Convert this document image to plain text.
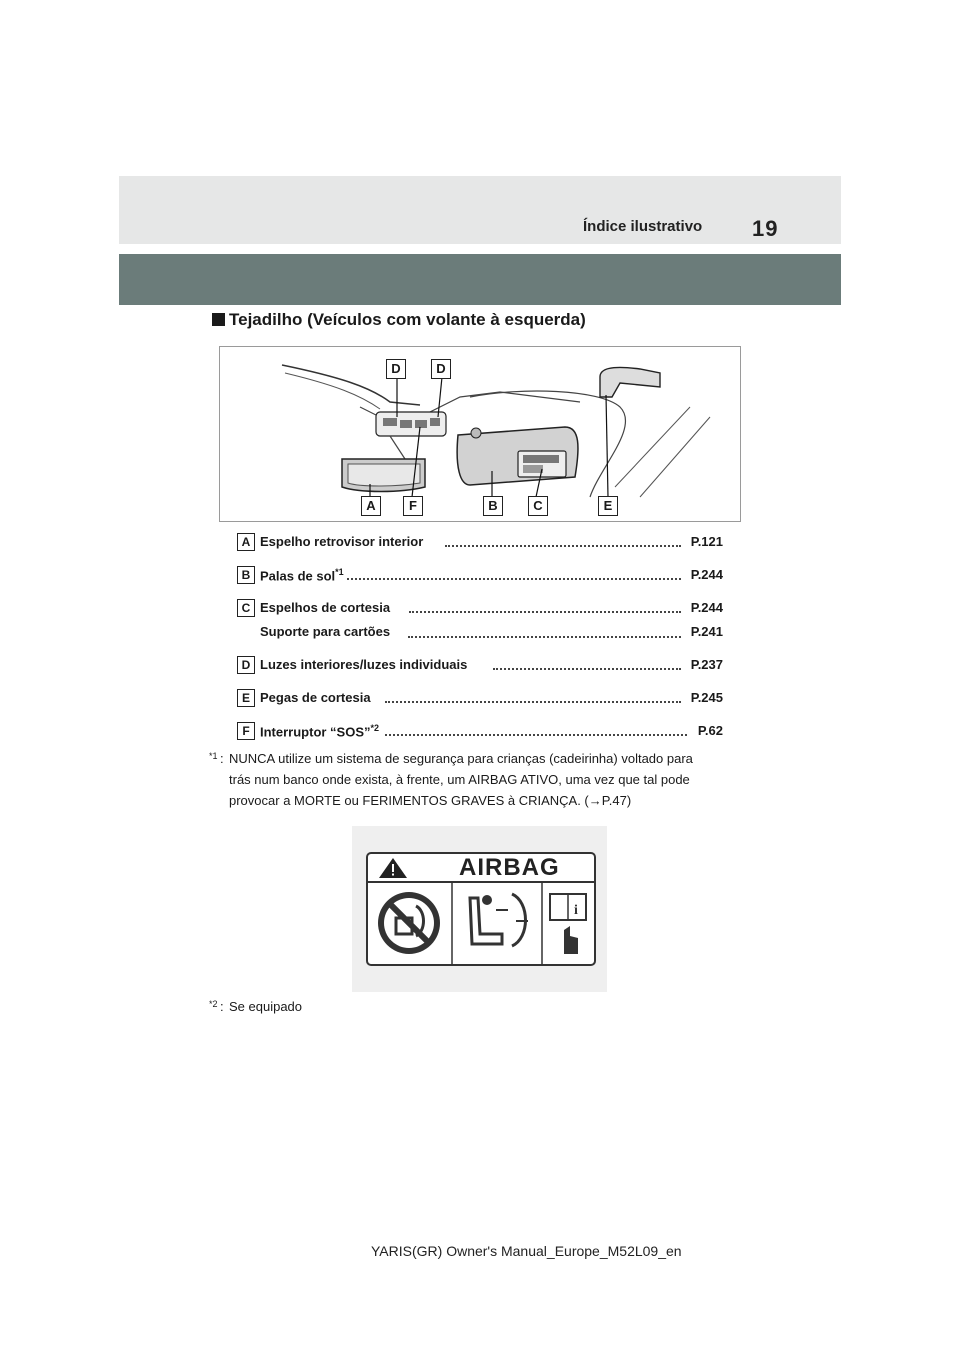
Índice ilustrativo 19
Tejadilho (Veículos com volante à esquerda)
D	D
A	F	B	C	E
A Espelho retrovisor interior	P.121
B Palas de sol$^{*1}$	P.244
C Espelhos de cortesia	P.244
Suporte para cartões	P.241
D Luzes interiores/luzes individuais	P.237
E Pegas de cortesia	P.245
F Interruptor “SOS”$^{*2}$	P.62
*1 : NUNCA utilize um sistema de segurança para crianças (cadeirinha) voltado para
trás num banco onde exista, à frente, um AIRBAG ATIVO, uma vez que tal pode
provocar a MORTE ou FERIMENTOS GRAVES à CRIANÇA. (→P.47)
i
AIRBAG
*2 : Se equipado
YARIS(GR) Owner's Manual_Europe_M52L09_en
